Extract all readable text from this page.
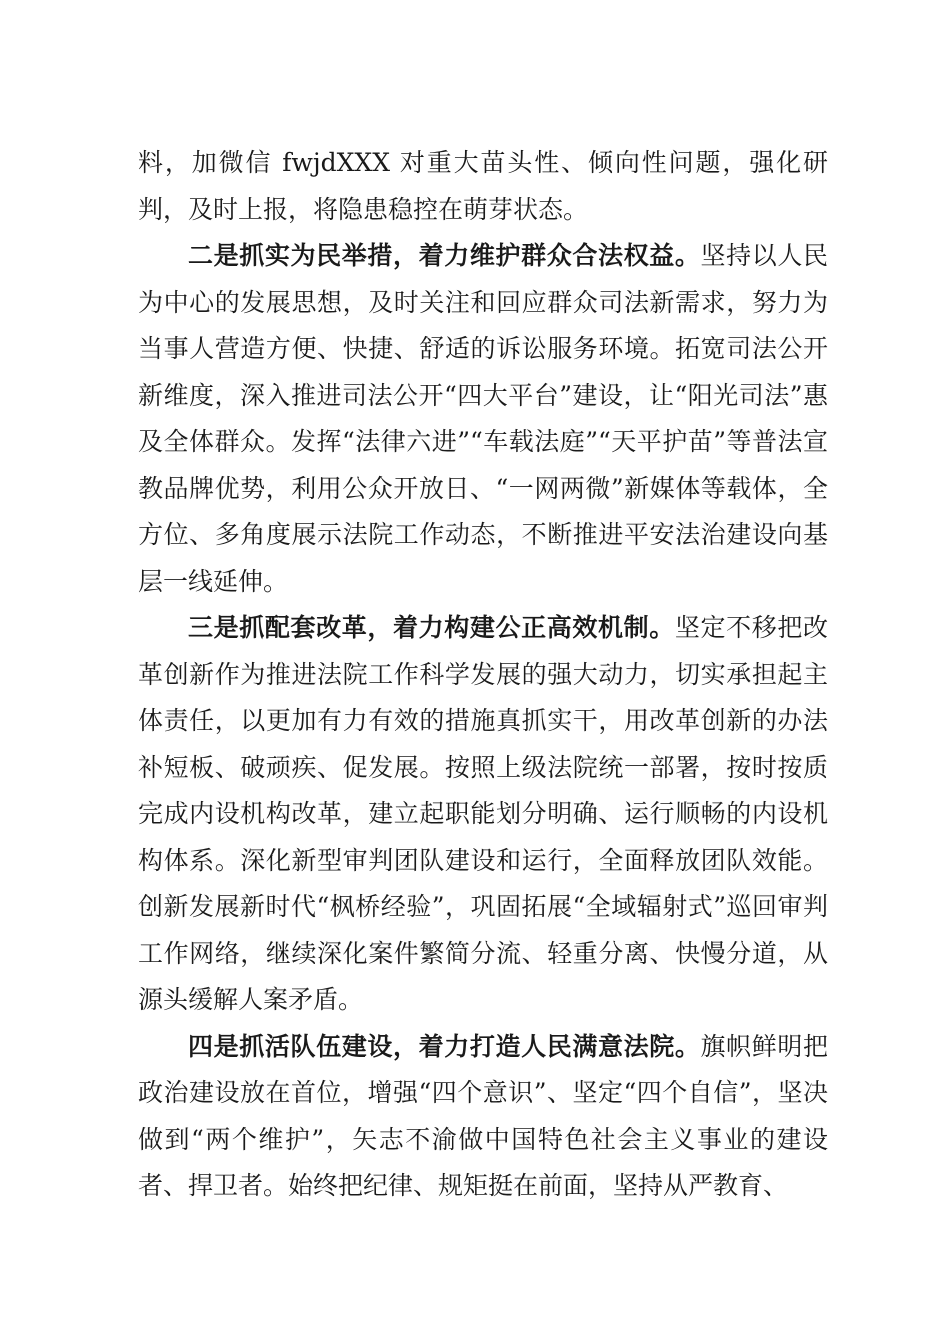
料，加微信 fwjdXXX 对重大苗头性、倾向性问题，强化研判，及时上报，将隐患稳控在萌芽状态。

二是抓实为民举措，着力维护群众合法权益。坚持以人民为中心的发展思想，及时关注和回应群众司法新需求，努力为当事人营造方便、快捷、舒适的诉讼服务环境。拓宽司法公开新维度，深入推进司法公开“四大平台”建设，让“阳光司法”惠及全体群众。发挥“法律六进”“车载法庭”“天平护苗”等普法宣教品牌优势，利用公众开放日、“一网两微”新媒体等载体，全方位、多角度展示法院工作动态，不断推进平安法治建设向基层一线延伸。

三是抓配套改革，着力构建公正高效机制。坚定不移把改革创新作为推进法院工作科学发展的强大动力，切实承担起主体责任，以更加有力有效的措施真抓实干，用改革创新的办法补短板、破顽疾、促发展。按照上级法院统一部署，按时按质完成内设机构改革，建立起职能划分明确、运行顺畅的内设机构体系。深化新型审判团队建设和运行，全面释放团队效能。创新发展新时代“枫桥经验”，巩固拓展“全域辐射式”巡回审判工作网络，继续深化案件繁简分流、轻重分离、快慢分道，从源头缓解人案矛盾。

四是抓活队伍建设，着力打造人民满意法院。旗帜鲜明把政治建设放在首位，增强“四个意识”、坚定“四个自信”，坚决做到“两个维护”，矢志不渝做中国特色社会主义事业的建设者、捍卫者。始终把纪律、规矩挺在前面，坚持从严教育、
